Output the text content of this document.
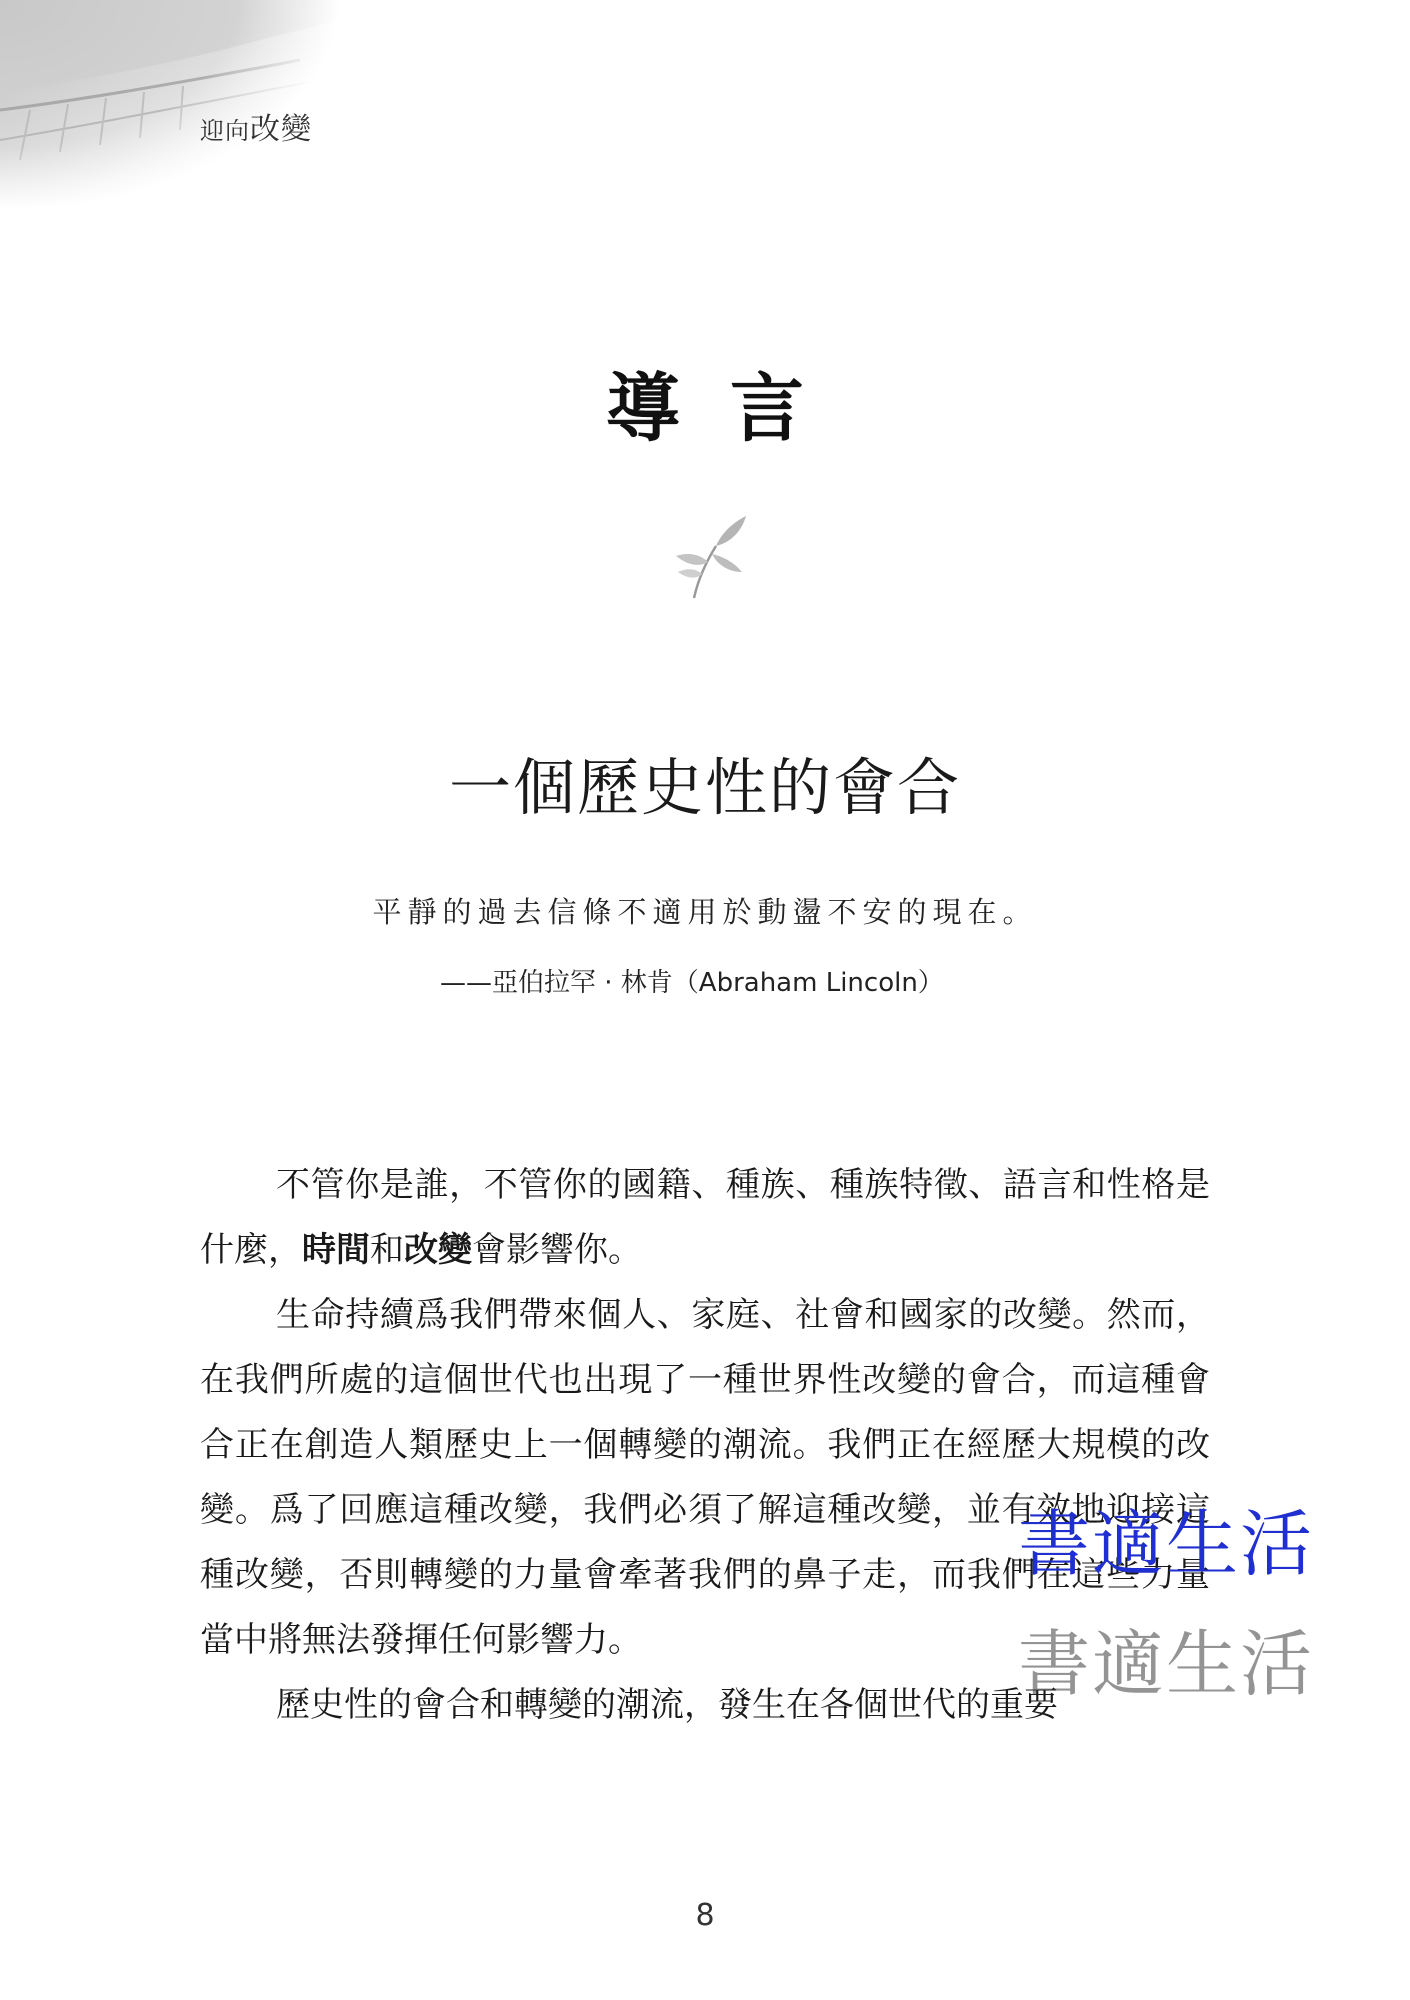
迎向改變
導言
一個歷史性的會合
平靜的過去信條不適用於動盪不安的現在。
——亞伯拉罕 · 林肯（Abraham Lincoln）

不管你是誰，不管你的國籍、種族、種族特徵、語言和性格是什麼，時間和改變會影響你。

生命持續爲我們帶來個人、家庭、社會和國家的改變。然而，在我們所處的這個世代也出現了一種世界性改變的會合，而這種會合正在創造人類歷史上一個轉變的潮流。我們正在經歷大規模的改變。爲了回應這種改變，我們必須了解這種改變，並有效地迎接這種改變，否則轉變的力量會牽著我們的鼻子走，而我們在這些力量當中將無法發揮任何影響力。

歷史性的會合和轉變的潮流，發生在各個世代的重要

書適生活
書適生活
8
